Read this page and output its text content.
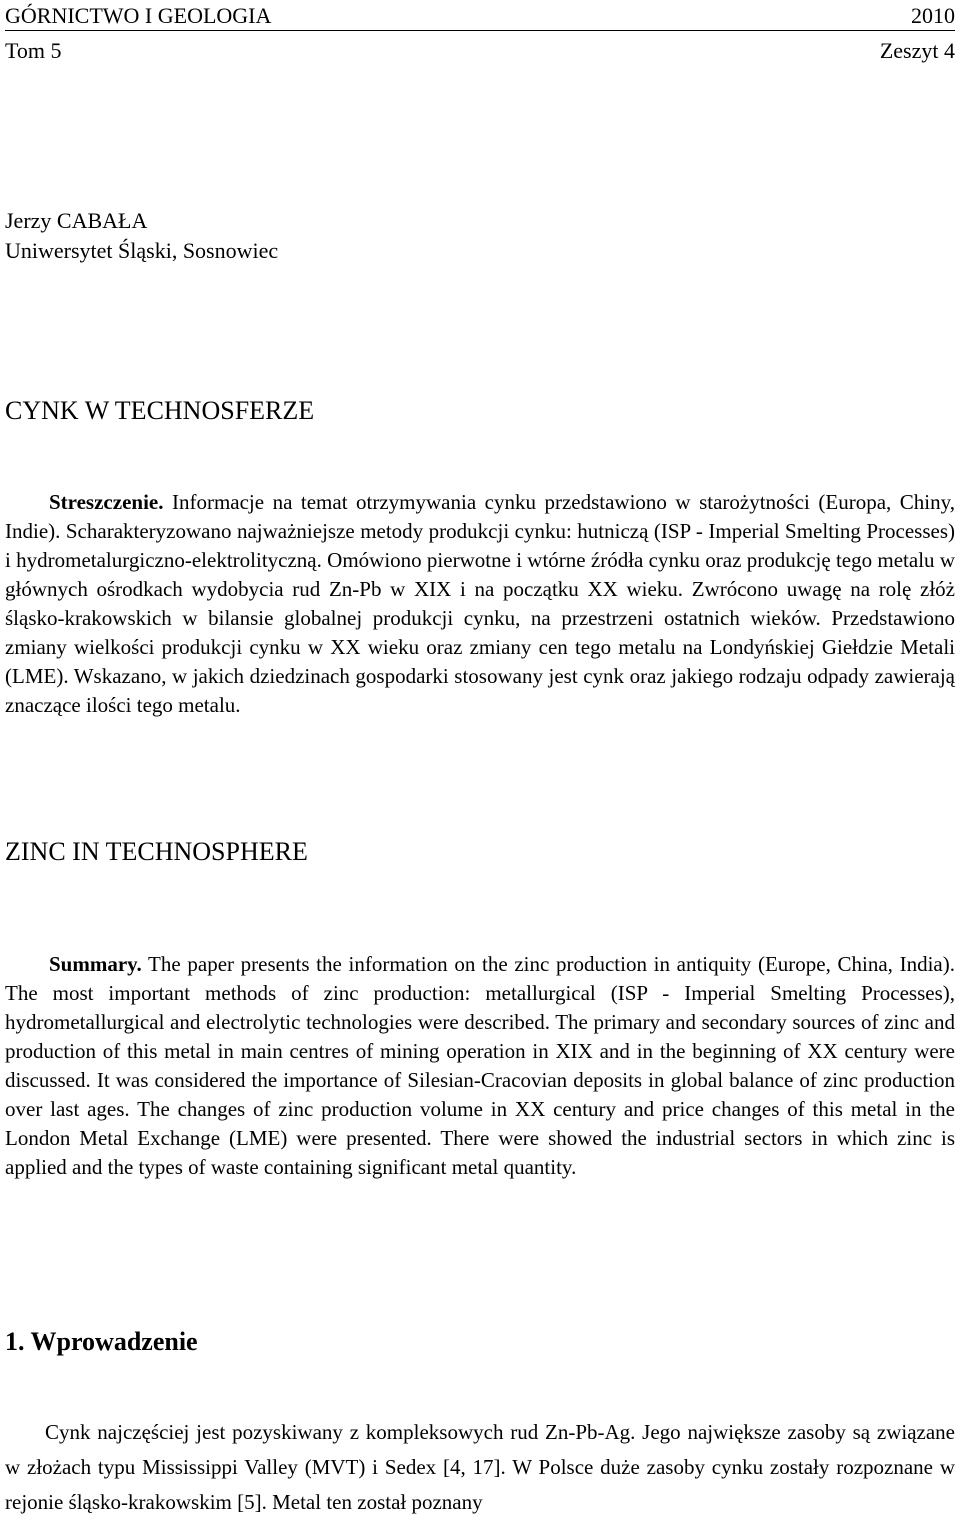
GÓRNICTWO I GEOLOGIA	2010
Tom 5	Zeszyt 4
Jerzy CABAŁA
Uniwersytet Śląski, Sosnowiec
CYNK W TECHNOSFERZE

Streszczenie. Informacje na temat otrzymywania cynku przedstawiono w starożytności (Europa, Chiny, Indie). Scharakteryzowano najważniejsze metody produkcji cynku: hutniczą (ISP - Imperial Smelting Processes) i hydrometalurgiczno-elektrolityczną. Omówiono pierwotne i wtórne źródła cynku oraz produkcję tego metalu w głównych ośrodkach wydobycia rud Zn-Pb w XIX i na początku XX wieku. Zwrócono uwagę na rolę złóż śląsko-krakowskich w bilansie globalnej produkcji cynku, na przestrzeni ostatnich wieków. Przedstawiono zmiany wielkości produkcji cynku w XX wieku oraz zmiany cen tego metalu na Londyńskiej Giełdzie Metali (LME). Wskazano, w jakich dziedzinach gospodarki stosowany jest cynk oraz jakiego rodzaju odpady zawierają znaczące ilości tego metalu.

ZINC IN TECHNOSPHERE

Summary. The paper presents the information on the zinc production in antiquity (Europe, China, India). The most important methods of zinc production: metallurgical (ISP - Imperial Smelting Processes), hydrometallurgical and electrolytic technologies were described. The primary and secondary sources of zinc and production of this metal in main centres of mining operation in XIX and in the beginning of XX century were discussed. It was considered the importance of Silesian-Cracovian deposits in global balance of zinc production over last ages. The changes of zinc production volume in XX century and price changes of this metal in the London Metal Exchange (LME) were presented. There were showed the industrial sectors in which zinc is applied and the types of waste containing significant metal quantity.

1. Wprowadzenie

Cynk najczęściej jest pozyskiwany z kompleksowych rud Zn-Pb-Ag. Jego największe zasoby są związane w złożach typu Mississippi Valley (MVT) i Sedex [4, 17]. W Polsce duże zasoby cynku zostały rozpoznane w rejonie śląsko-krakowskim [5]. Metal ten został poznany
